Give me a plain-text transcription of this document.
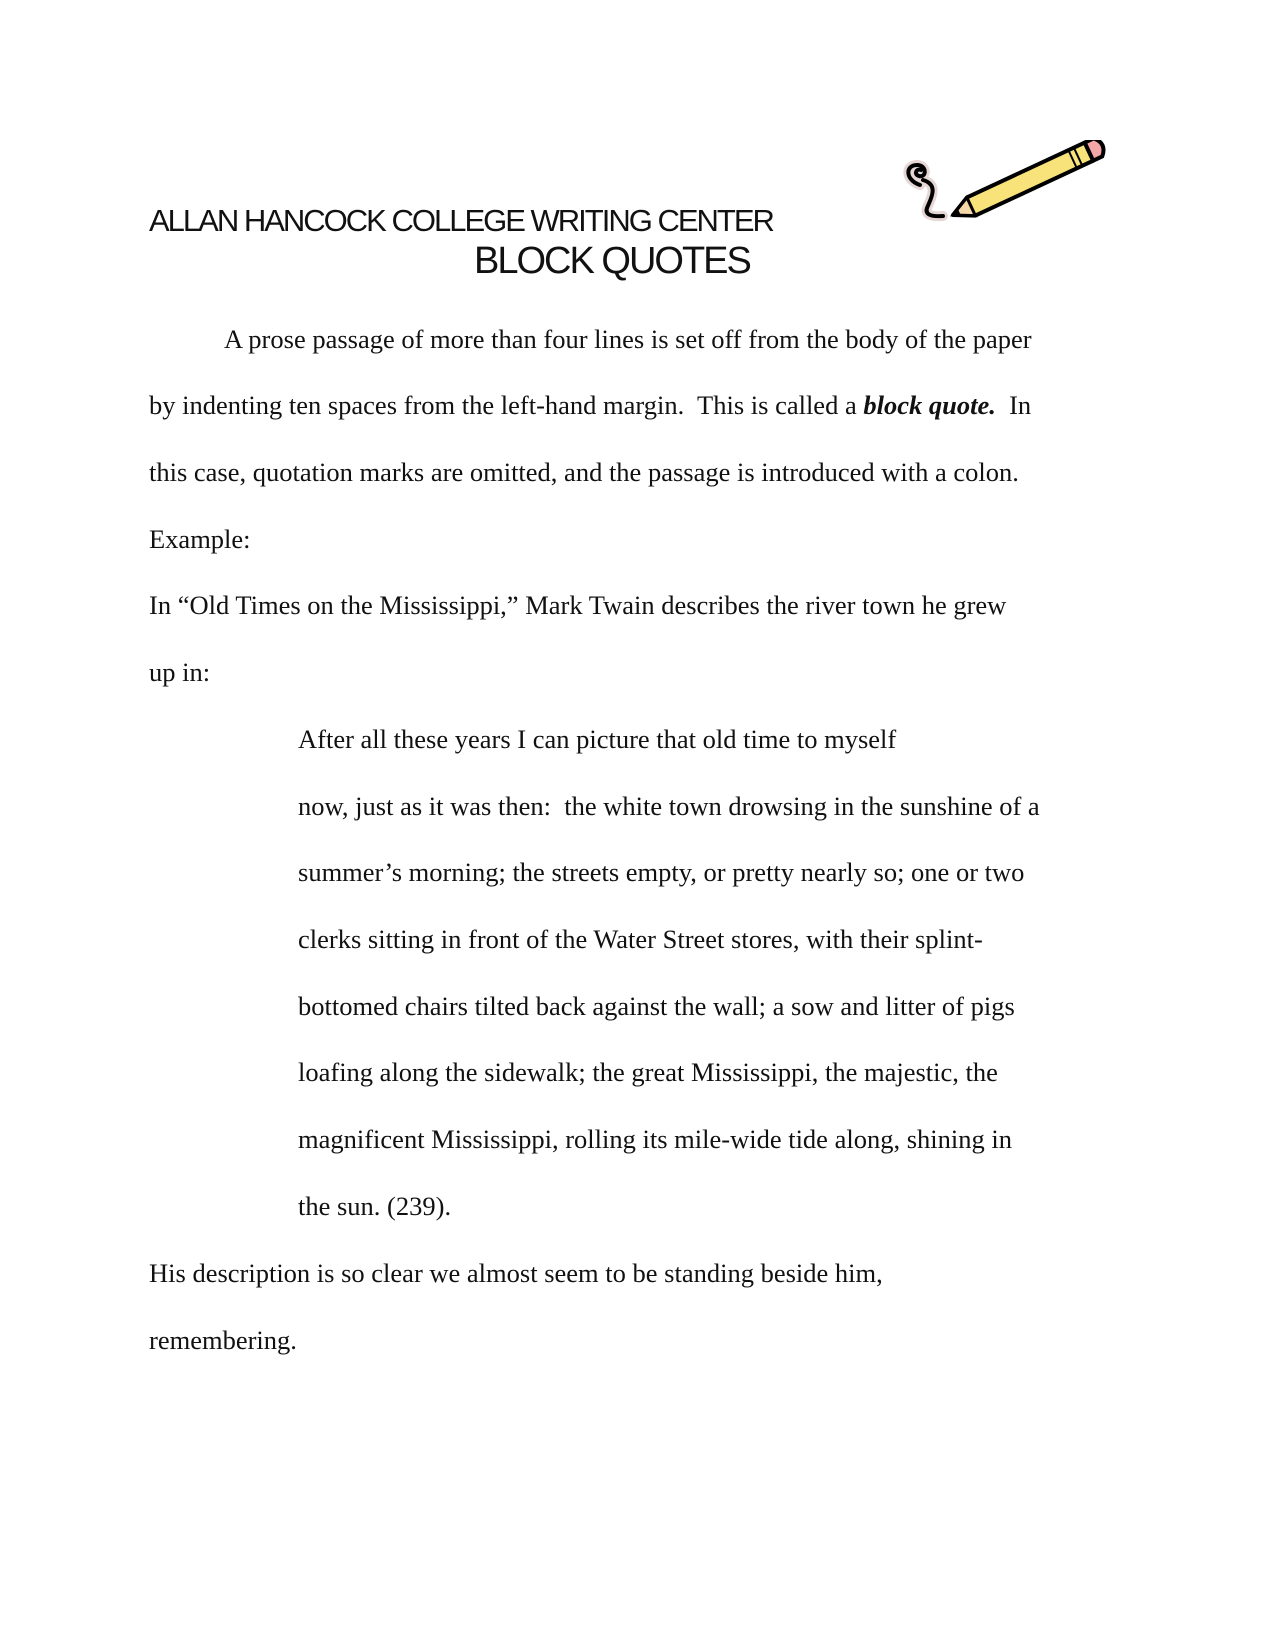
ALLAN HANCOCK COLLEGE WRITING CENTER
BLOCK QUOTES
A prose passage of more than four lines is set off from the body of the paper
by indenting ten spaces from the left-hand margin.  This is called a block quote.  In
this case, quotation marks are omitted, and the passage is introduced with a colon.
Example:
In “Old Times on the Mississippi,” Mark Twain describes the river town he grew
up in:
After all these years I can picture that old time to myself
now, just as it was then:  the white town drowsing in the sunshine of a
summer’s morning; the streets empty, or pretty nearly so; one or two
clerks sitting in front of the Water Street stores, with their splint-
bottomed chairs tilted back against the wall; a sow and litter of pigs
loafing along the sidewalk; the great Mississippi, the majestic, the
magnificent Mississippi, rolling its mile-wide tide along, shining in
the sun. (239).
His description is so clear we almost seem to be standing beside him,
remembering.
